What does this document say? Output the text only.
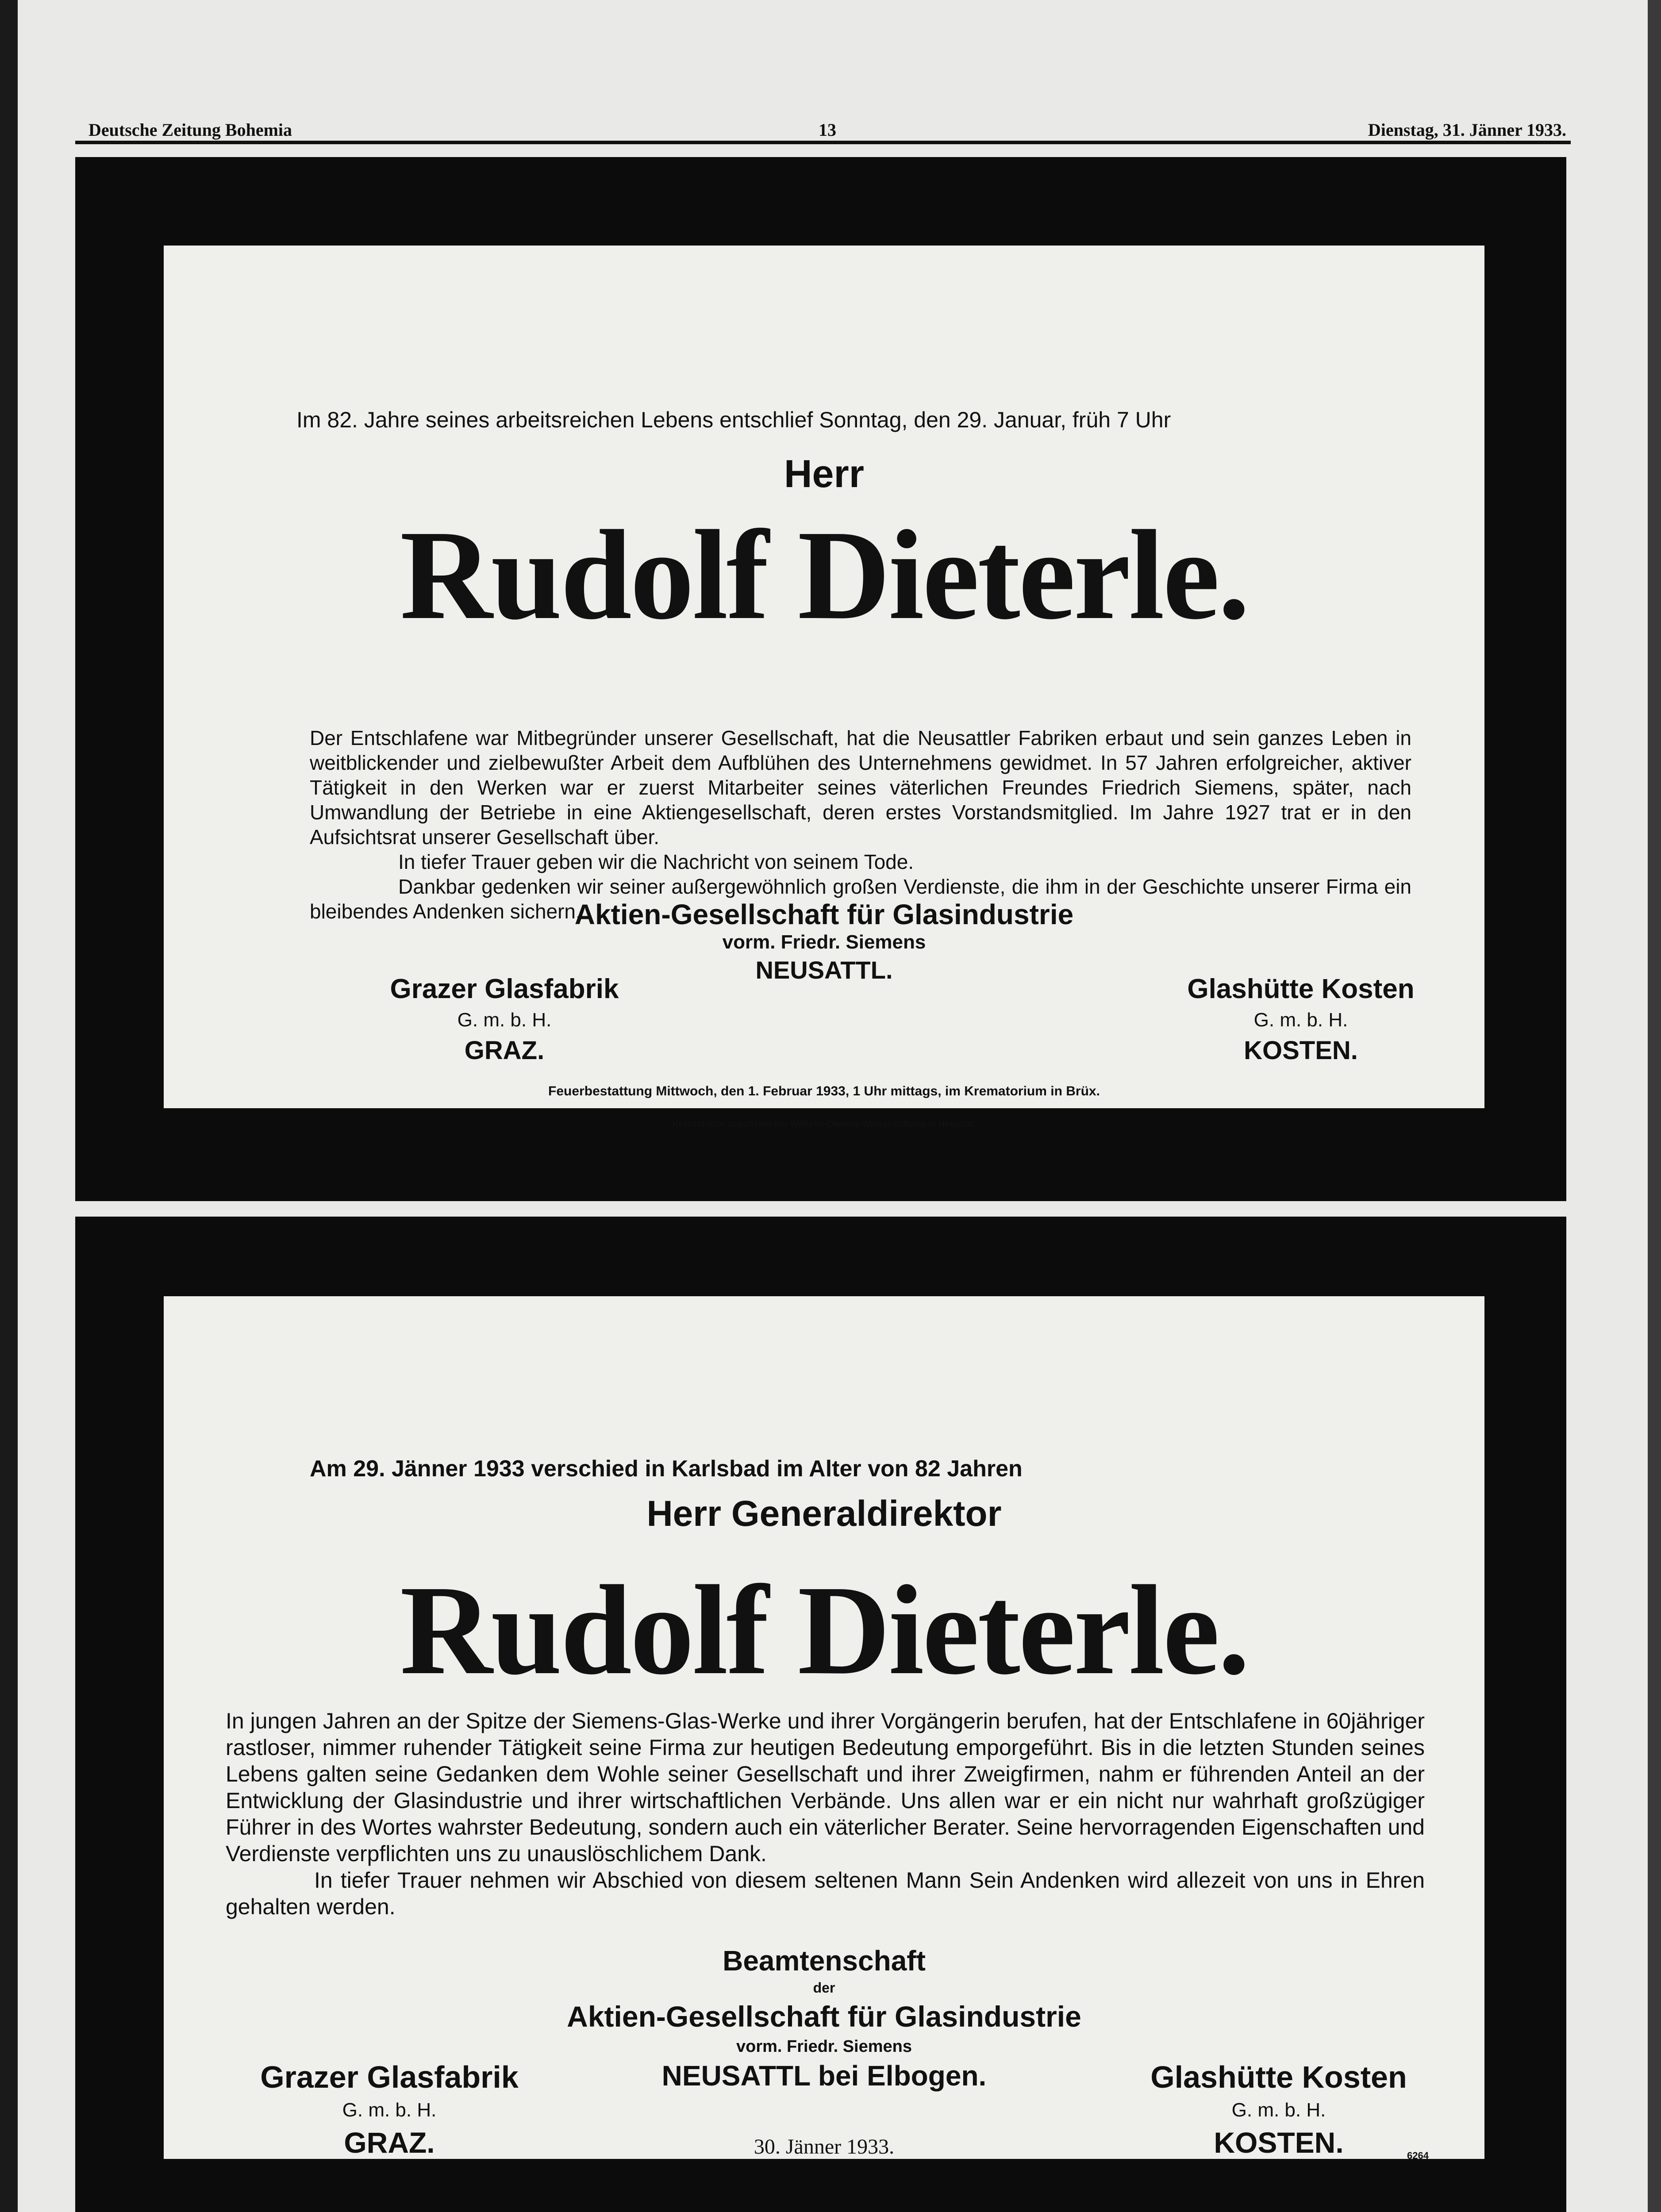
Deutsche Zeitung Bohemia	13	Dienstag, 31. Jänner 1933.
Im 82. Jahre seines arbeitsreichen Lebens entschlief Sonntag, den 29. Januar, früh 7 Uhr
Herr
Rudolf Dieterle.

Der Entschlafene war Mitbegründer unserer Gesellschaft, hat die Neusattler Fabriken erbaut und sein ganzes Leben in weitblickender und zielbewußter Arbeit dem Aufblühen des Unternehmens gewidmet. In 57 Jahren erfolgreicher, aktiver Tätigkeit in den Werken war er zuerst Mitarbeiter seines väterlichen Freundes Friedrich Siemens, später, nach Umwandlung der Betriebe in eine Aktiengesellschaft, deren erstes Vorstandsmitglied. Im Jahre 1927 trat er in den Aufsichtsrat unserer Gesellschaft über.

In tiefer Trauer geben wir die Nachricht von seinem Tode.

Dankbar gedenken wir seiner außergewöhnlich großen Verdienste, die ihm in der Geschichte unserer Firma ein bleibendes Andenken sichern.

Aktien-Gesellschaft für Glasindustrie
vorm. Friedr. Siemens
NEUSATTL.
Grazer Glasfabrik
G. m. b. H.
GRAZ.
Glashütte Kosten
G. m. b. H.
KOSTEN.
Feuerbestattung Mittwoch, den 1. Februar 1933, 1 Uhr mittags, im Krematorium in Brüx.
Kranzablöse zugunsten der Wilhelm-Dieterle-Waisenstiftung in Neusattl.
Am 29. Jänner 1933 verschied in Karlsbad im Alter von 82 Jahren
Herr Generaldirektor
Rudolf Dieterle.

In jungen Jahren an der Spitze der Siemens-Glas-Werke und ihrer Vorgängerin berufen, hat der Entschlafene in 60jähriger rastloser, nimmer ruhender Tätigkeit seine Firma zur heutigen Bedeutung emporgeführt. Bis in die letzten Stunden seines Lebens galten seine Gedanken dem Wohle seiner Gesellschaft und ihrer Zweigfirmen, nahm er führenden Anteil an der Entwicklung der Glasindustrie und ihrer wirtschaftlichen Verbände. Uns allen war er ein nicht nur wahrhaft großzügiger Führer in des Wortes wahrster Bedeutung, sondern auch ein väterlicher Berater. Seine hervorragenden Eigenschaften und Verdienste verpflichten uns zu unauslöschlichem Dank.

In tiefer Trauer nehmen wir Abschied von diesem seltenen Mann Sein Andenken wird allezeit von uns in Ehren gehalten werden.

Beamtenschaft
der
Aktien-Gesellschaft für Glasindustrie
vorm. Friedr. Siemens
NEUSATTL bei Elbogen.
30. Jänner 1933.
Grazer Glasfabrik
G. m. b. H.
GRAZ.
Glashütte Kosten
G. m. b. H.
KOSTEN.	6264
